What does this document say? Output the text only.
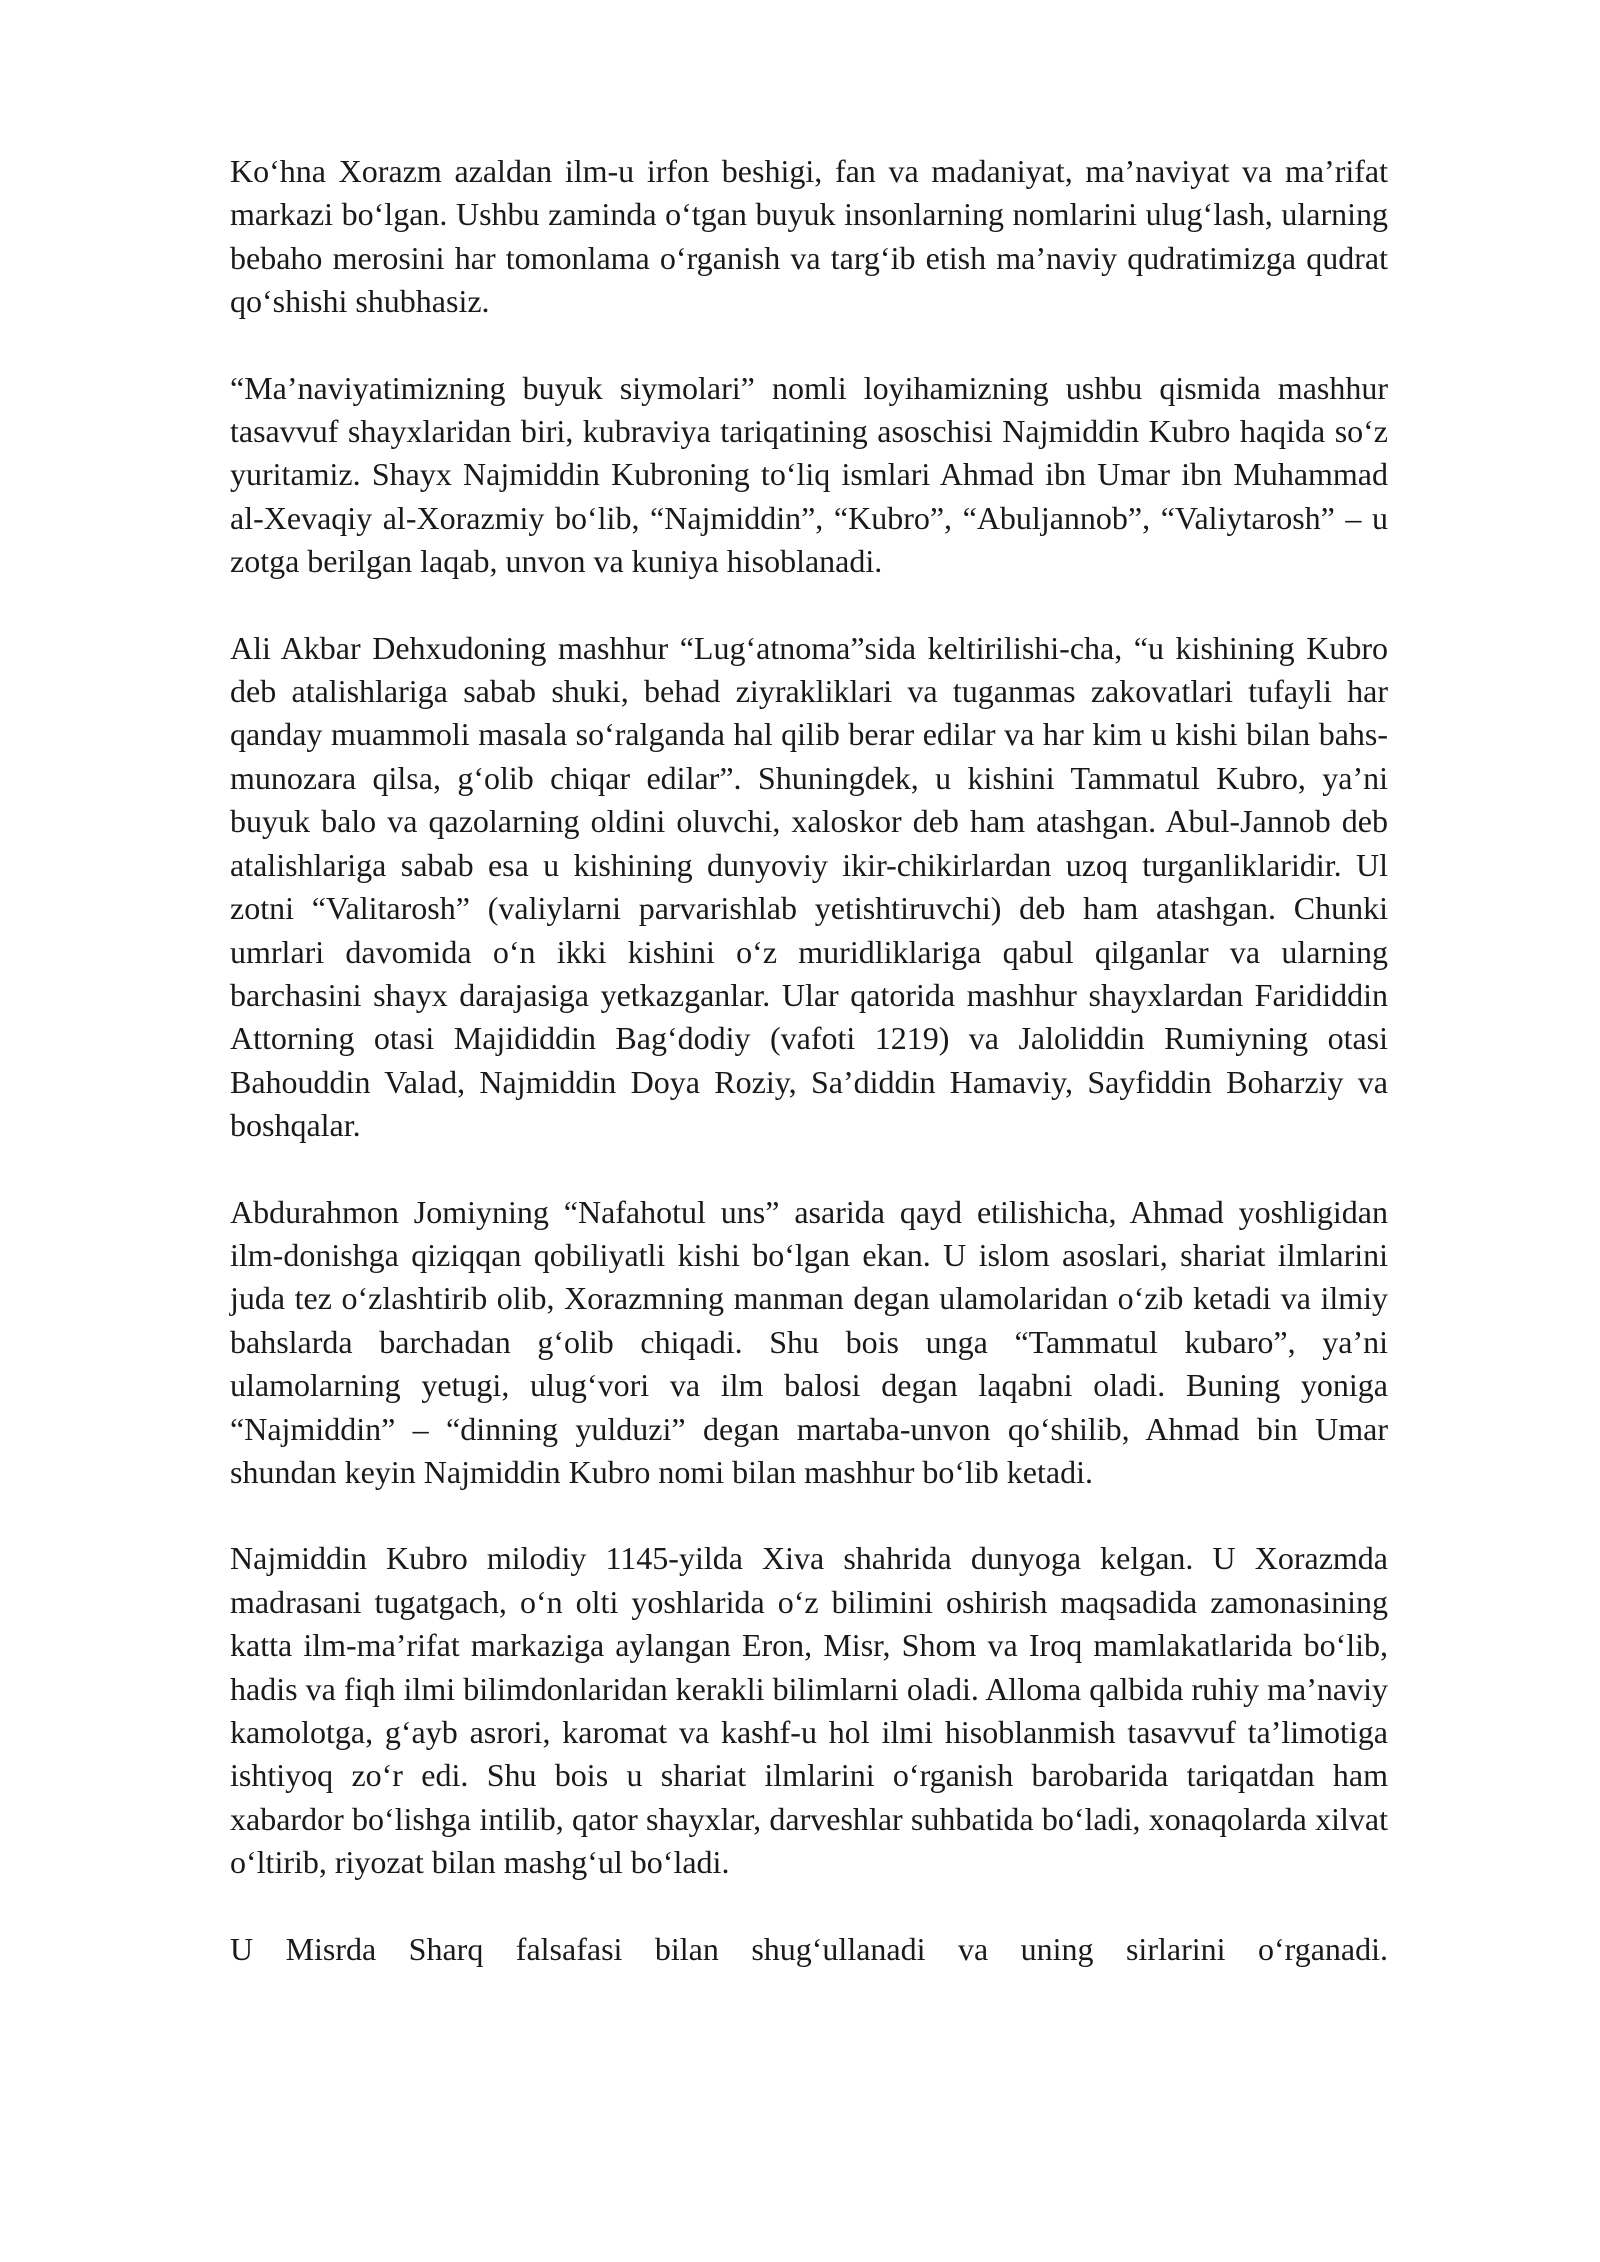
Ko‘hna Xorazm azaldan ilm-u irfon beshigi, fan va madaniyat, ma’naviyat va ma’rifat markazi bo‘lgan. Ushbu zaminda o‘tgan buyuk insonlarning nomlarini ulug‘lash, ularning bebaho merosini har tomonlama o‘rganish va targ‘ib etish ma’naviy qudratimizga qudrat qo‘shishi shubhasiz.

“Ma’naviyatimizning buyuk siymolari” nomli loyihamizning ushbu qismida mashhur tasavvuf shayxlaridan biri, kubraviya tariqatining asoschisi Najmiddin Kubro haqida so‘z yuritamiz. Shayx Najmiddin Kubroning to‘liq ismlari Ahmad ibn Umar ibn Muhammad al-Xevaqiy al-Xorazmiy bo‘lib, “Najmiddin”, “Kubro”, “Abuljannob”, “Valiytarosh” – u zotga berilgan laqab, unvon va kuniya hisoblanadi.

Ali Akbar Dehxudoning mashhur “Lug‘atnoma”sida keltirilishi-cha, “u kishining Kubro deb atalishlariga sabab shuki, behad ziyrakliklari va tuganmas zakovatlari tufayli har qanday muammoli masala so‘ralganda hal qilib berar edilar va har kim u kishi bilan bahs-munozara qilsa, g‘olib chiqar edilar”. Shuningdek, u kishini Tammatul Kubro, ya’ni buyuk balo va qazolarning oldini oluvchi, xaloskor deb ham atashgan. Abul-Jannob deb atalishlariga sabab esa u kishining dunyoviy ikir-chikirlardan uzoq turganliklaridir. Ul zotni “Valitarosh” (valiylarni parvarishlab yetishtiruvchi) deb ham atashgan. Chunki umrlari davomida o‘n ikki kishini o‘z muridliklariga qabul qilganlar va ularning barchasini shayx darajasiga yetkazganlar. Ular qatorida mashhur shayxlardan Farididdin Attorning otasi Majididdin Bag‘dodiy (vafoti 1219) va Jaloliddin Rumiyning otasi Bahouddin Valad, Najmiddin Doya Roziy, Sa’diddin Hamaviy, Sayfiddin Boharziy va boshqalar.

Abdurahmon Jomiyning “Nafahotul uns” asarida qayd etilishicha, Ahmad yoshligidan ilm-donishga qiziqqan qobiliyatli kishi bo‘lgan ekan. U islom asoslari, shariat ilmlarini juda tez o‘zlashtirib olib, Xorazmning manman degan ulamolaridan o‘zib ketadi va ilmiy bahslarda barchadan g‘olib chiqadi. Shu bois unga “Tammatul kubaro”, ya’ni ulamolarning yetugi, ulug‘vori va ilm balosi degan laqabni oladi. Buning yoniga “Najmiddin” – “dinning yulduzi” degan martaba-unvon qo‘shilib, Ahmad bin Umar shundan keyin Najmiddin Kubro nomi bilan mashhur bo‘lib ketadi.

Najmiddin Kubro milodiy 1145-yilda Xiva shahrida dunyoga kelgan. U Xorazmda madrasani tugatgach, o‘n olti yoshlarida o‘z bilimini oshirish maqsadida zamonasining katta ilm-ma’rifat markaziga aylangan Eron, Misr, Shom va Iroq mamlakatlarida bo‘lib, hadis va fiqh ilmi bilimdonlaridan kerakli bilimlarni oladi. Alloma qalbida ruhiy ma’naviy kamolotga, g‘ayb asrori, karomat va kashf-u hol ilmi hisoblanmish tasavvuf ta’limotiga ishtiyoq zo‘r edi. Shu bois u shariat ilmlarini o‘rganish barobarida tariqatdan ham xabardor bo‘lishga intilib, qator shayxlar, darveshlar suhbatida bo‘ladi, xonaqolarda xilvat o‘ltirib, riyozat bilan mashg‘ul bo‘ladi.

U Misrda Sharq falsafasi bilan shug‘ullanadi va uning sirlarini o‘rganadi.
